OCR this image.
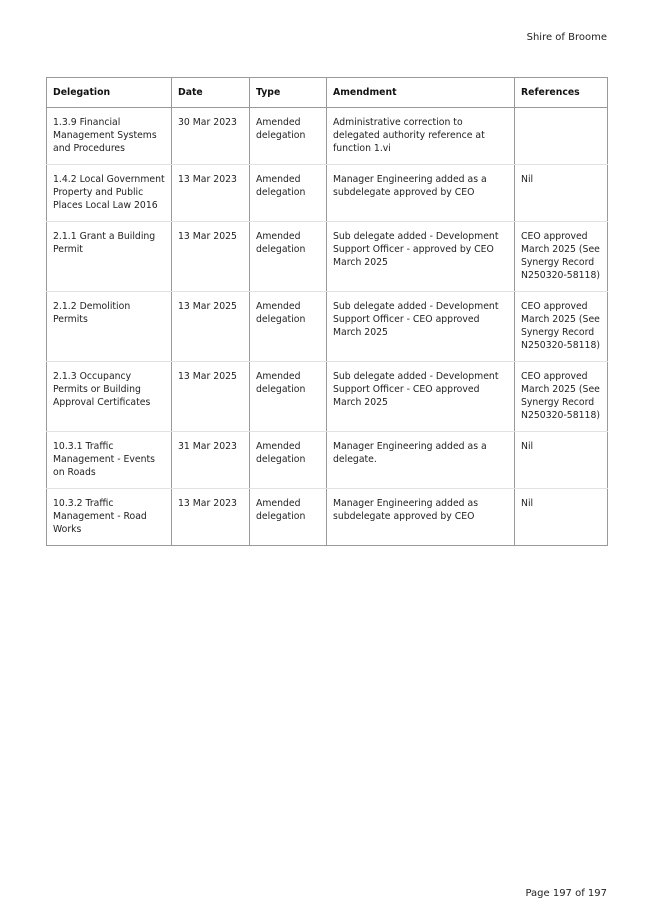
Shire of Broome
Delegation	Date	Type	Amendment	References

1.3.9 Financial Management Systems and Procedures	30 Mar 2023	Amended delegation	Administrative correction to delegated authority reference at function 1.vi	

1.4.2 Local Government Property and Public Places Local Law 2016	13 Mar 2023	Amended delegation	Manager Engineering added as a subdelegate approved by CEO	Nil

2.1.1 Grant a Building Permit	13 Mar 2025	Amended delegation	Sub delegate added - Development Support Officer - approved by CEO March 2025	CEO approved March 2025 (See Synergy Record N250320-58118)

2.1.2 Demolition Permits	13 Mar 2025	Amended delegation	Sub delegate added - Development Support Officer - CEO approved March 2025	CEO approved March 2025 (See Synergy Record N250320-58118)

2.1.3 Occupancy Permits or Building Approval Certificates	13 Mar 2025	Amended delegation	Sub delegate added - Development Support Officer - CEO approved March 2025	CEO approved March 2025 (See Synergy Record N250320-58118)

10.3.1 Traffic Management - Events on Roads	31 Mar 2023	Amended delegation	Manager Engineering added as a delegate.	Nil

10.3.2 Traffic Management - Road Works	13 Mar 2023	Amended delegation	Manager Engineering added as subdelegate approved by CEO	Nil
Page 197 of 197
